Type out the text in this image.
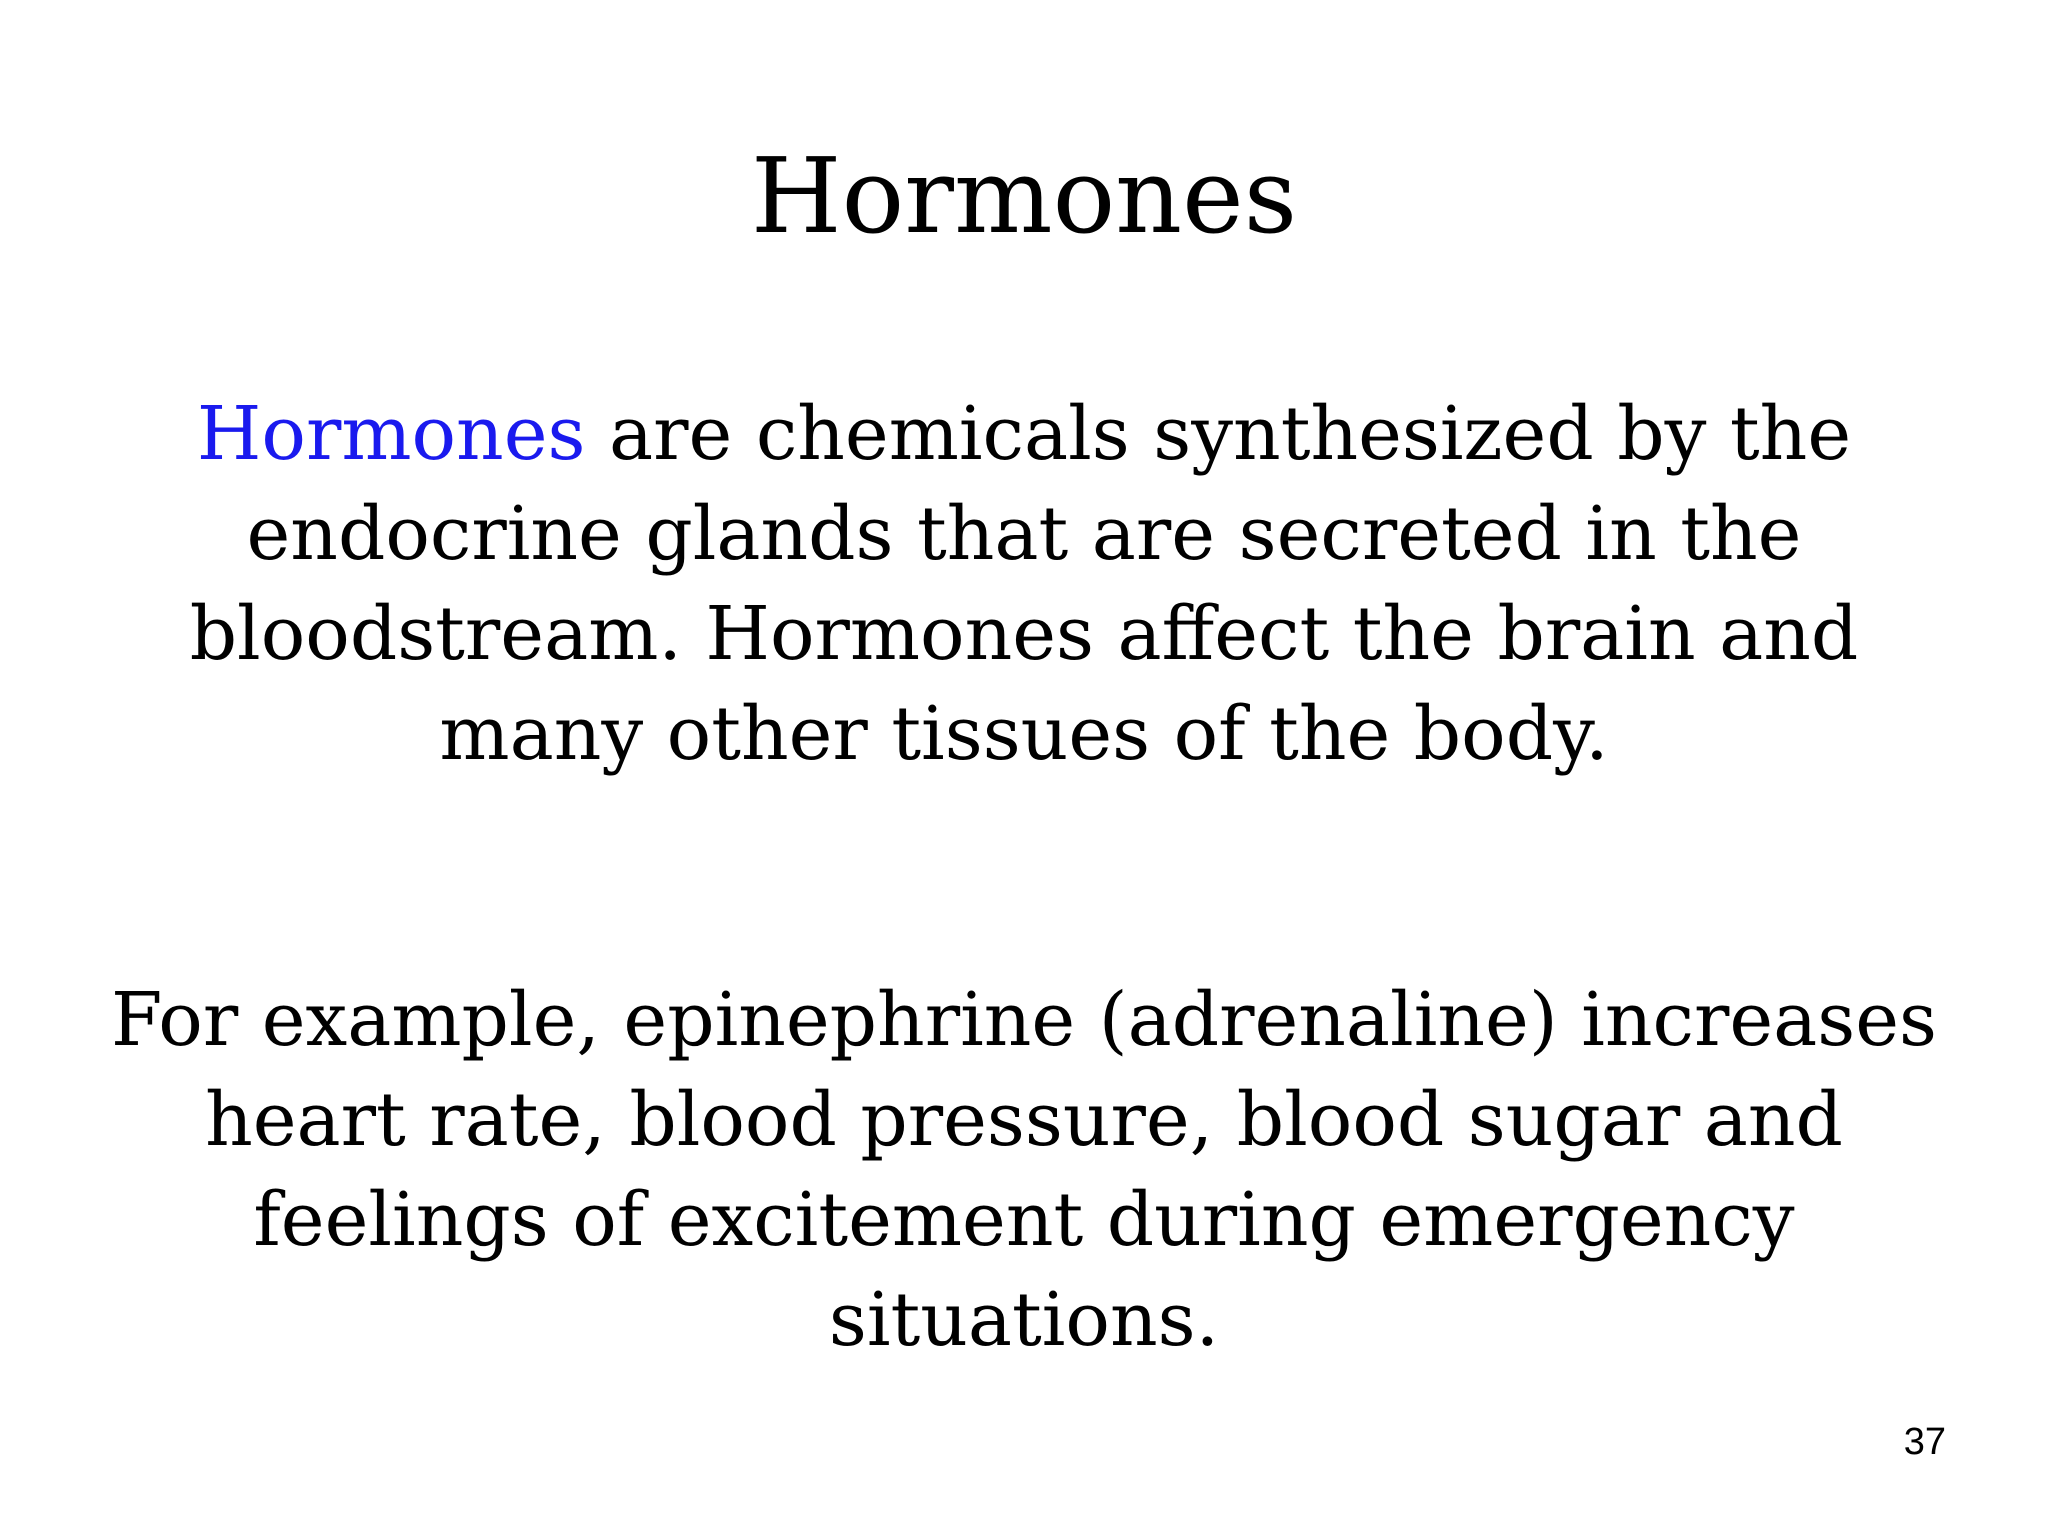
Hormones

Hormones are chemicals synthesized by the endocrine glands that are secreted in the bloodstream. Hormones affect the brain and many other tissues of the body.

For example, epinephrine (adrenaline) increases heart rate, blood pressure, blood sugar and feelings of excitement during emergency situations.

37
